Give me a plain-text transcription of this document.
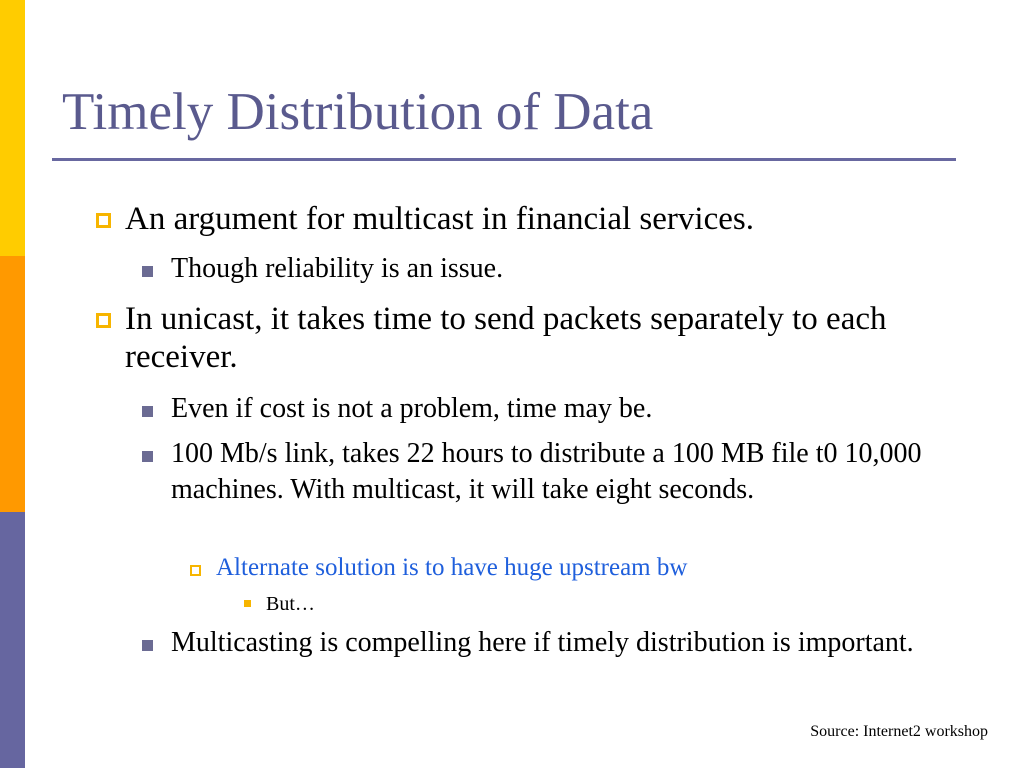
Timely Distribution of Data

An argument for multicast in financial services.

Though reliability is an issue.

In unicast, it takes time to send packets separately to each receiver.

Even if cost is not a problem, time may be.

100 Mb/s link, takes 22 hours to distribute a 100 MB file t0 10,000 machines. With multicast, it will take eight seconds.

Alternate solution is to have huge upstream bw

But…

Multicasting is compelling here if timely distribution is important.

Source: Internet2 workshop
